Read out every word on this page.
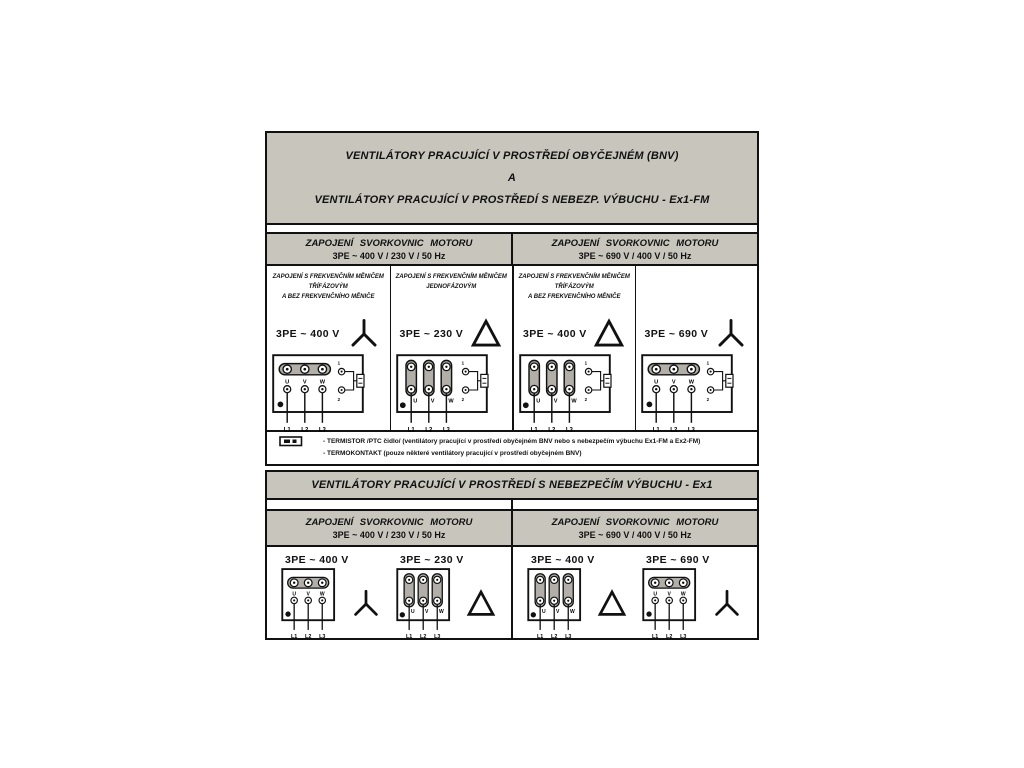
VENTILÁTORY PRACUJÍCÍ V PROSTŘEDÍ OBYČEJNÉM (BNV)
A
VENTILÁTORY PRACUJÍCÍ V PROSTŘEDÍ S NEBEZP. VÝBUCHU - Ex1-FM
ZAPOJENÍ SVORKOVNIC MOTORU
3PE ~ 400 V / 230 V / 50 Hz
ZAPOJENÍ SVORKOVNIC MOTORU
3PE ~ 690 V / 400 V / 50 Hz
ZAPOJENÍ S FREKVENČNÍM MĚNIČEM
TŘÍFÁZOVÝM
A BEZ FREKVENČNÍHO MĚNIČE
3PE ~ 400 V
ZAPOJENÍ S FREKVENČNÍM MĚNIČEM
JEDNOFÁZOVÝM
3PE ~ 230 V
ZAPOJENÍ S FREKVENČNÍM MĚNIČEM
TŘÍFÁZOVÝM
A BEZ FREKVENČNÍHO MĚNIČE
3PE ~ 400 V	3PE ~ 690 V
- TERMISTOR /PTC čidlo/ (ventilátory pracující v prostředí obyčejném BNV nebo s nebezpečím výbuchu Ex1-FM a Ex2-FM)
- TERMOKONTAKT (pouze některé ventilátory pracující v prostředí obyčejném BNV)
VENTILÁTORY PRACUJÍCÍ V PROSTŘEDÍ S NEBEZPEČÍM VÝBUCHU - Ex1
ZAPOJENÍ SVORKOVNIC MOTORU
3PE ~ 400 V / 230 V / 50 Hz
ZAPOJENÍ SVORKOVNIC MOTORU
3PE ~ 690 V / 400 V / 50 Hz
3PE ~ 400 V	3PE ~ 230 V	3PE ~ 400 V	3PE ~ 690 V
